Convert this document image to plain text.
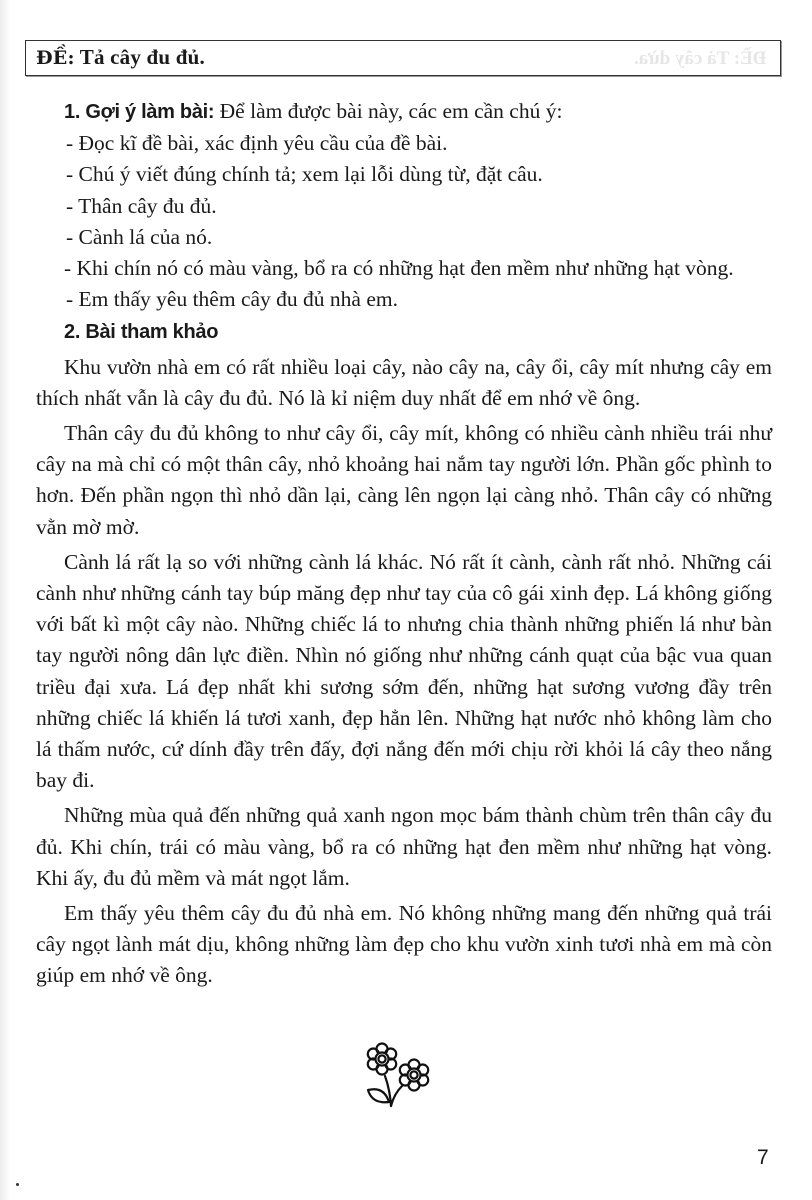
ĐỀ: Tả cây đu đủ.	ĐỀ: Tả cây dừa.
1. Gợi ý làm bài: Để làm được bài này, các em cần chú ý:
- Đọc kĩ đề bài, xác định yêu cầu của đề bài.
- Chú ý viết đúng chính tả; xem lại lỗi dùng từ, đặt câu.
- Thân cây đu đủ.
- Cành lá của nó.
- Khi chín nó có màu vàng, bổ ra có những hạt đen mềm như những hạt vòng.
- Em thấy yêu thêm cây đu đủ nhà em.
2. Bài tham khảo
Khu vườn nhà em có rất nhiều loại cây, nào cây na, cây ổi, cây mít nhưng cây em thích nhất vẫn là cây đu đủ. Nó là kỉ niệm duy nhất để em nhớ về ông.
Thân cây đu đủ không to như cây ổi, cây mít, không có nhiều cành nhiều trái như cây na mà chỉ có một thân cây, nhỏ khoảng hai nắm tay người lớn. Phần gốc phình to hơn. Đến phần ngọn thì nhỏ dần lại, càng lên ngọn lại càng nhỏ. Thân cây có những vằn mờ mờ.
Cành lá rất lạ so với những cành lá khác. Nó rất ít cành, cành rất nhỏ. Những cái cành như những cánh tay búp măng đẹp như tay của cô gái xinh đẹp. Lá không giống với bất kì một cây nào. Những chiếc lá to nhưng chia thành những phiến lá như bàn tay người nông dân lực điền. Nhìn nó giống như những cánh quạt của bậc vua quan triều đại xưa. Lá đẹp nhất khi sương sớm đến, những hạt sương vương đầy trên những chiếc lá khiến lá tươi xanh, đẹp hẳn lên. Những hạt nước nhỏ không làm cho lá thấm nước, cứ dính đầy trên đấy, đợi nắng đến mới chịu rời khỏi lá cây theo nắng bay đi.
Những mùa quả đến những quả xanh ngon mọc bám thành chùm trên thân cây đu đủ. Khi chín, trái có màu vàng, bổ ra có những hạt đen mềm như những hạt vòng. Khi ấy, đu đủ mềm và mát ngọt lắm.
Em thấy yêu thêm cây đu đủ nhà em. Nó không những mang đến những quả trái cây ngọt lành mát dịu, không những làm đẹp cho khu vườn xinh tươi nhà em mà còn giúp em nhớ về ông.
7
